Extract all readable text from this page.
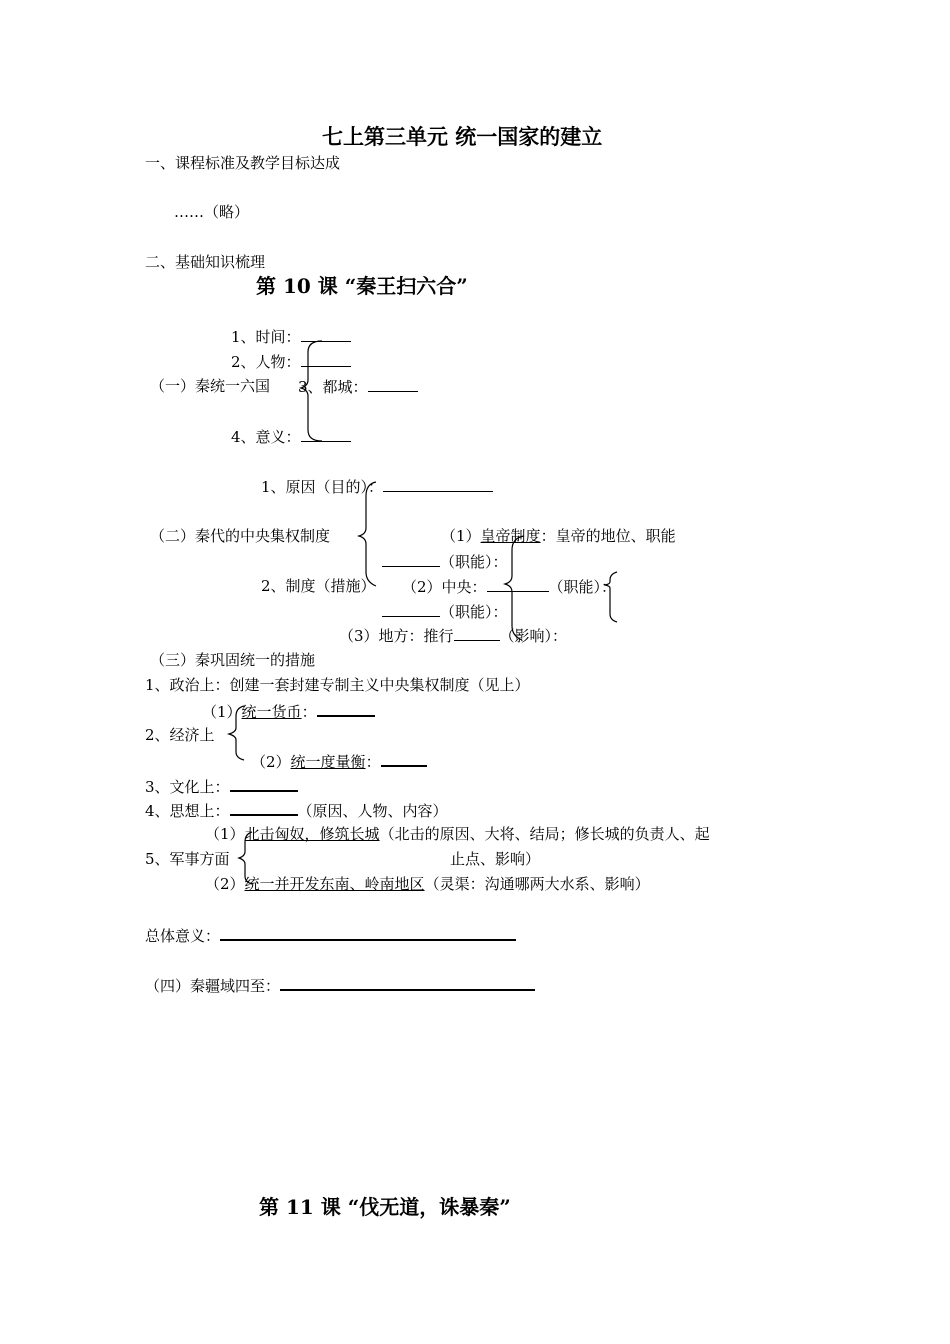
七上第三单元 统一国家的建立
一、课程标准及教学目标达成
……（略）
二、基础知识梳理
第 10 课 “秦王扫六合”
1、时间：
2、人物：
（一）秦统一六国 3、都城：
4、意义：
1、原因（目的）：
（二）秦代的中央集权制度	（1）皇帝制度：皇帝的地位、职能
（职能）：
2、制度（措施） （2）中央：	（职能）：
（职能）：
（3）地方：推行	（影响）：
（三）秦巩固统一的措施
1、政治上：创建一套封建专制主义中央集权制度（见上）
（1）统一货币：
2、经济上
（2）统一度量衡：
3、文化上：
4、思想上：	（原因、人物、内容）
（1）北击匈奴，修筑长城（北击的原因、大将、结局；修长城的负责人、起
5、军事方面	止点、影响）
（2）统一并开发东南、岭南地区（灵渠：沟通哪两大水系、影响）
总体意义：
（四）秦疆域四至：
第 11 课 “伐无道，诛暴秦”
